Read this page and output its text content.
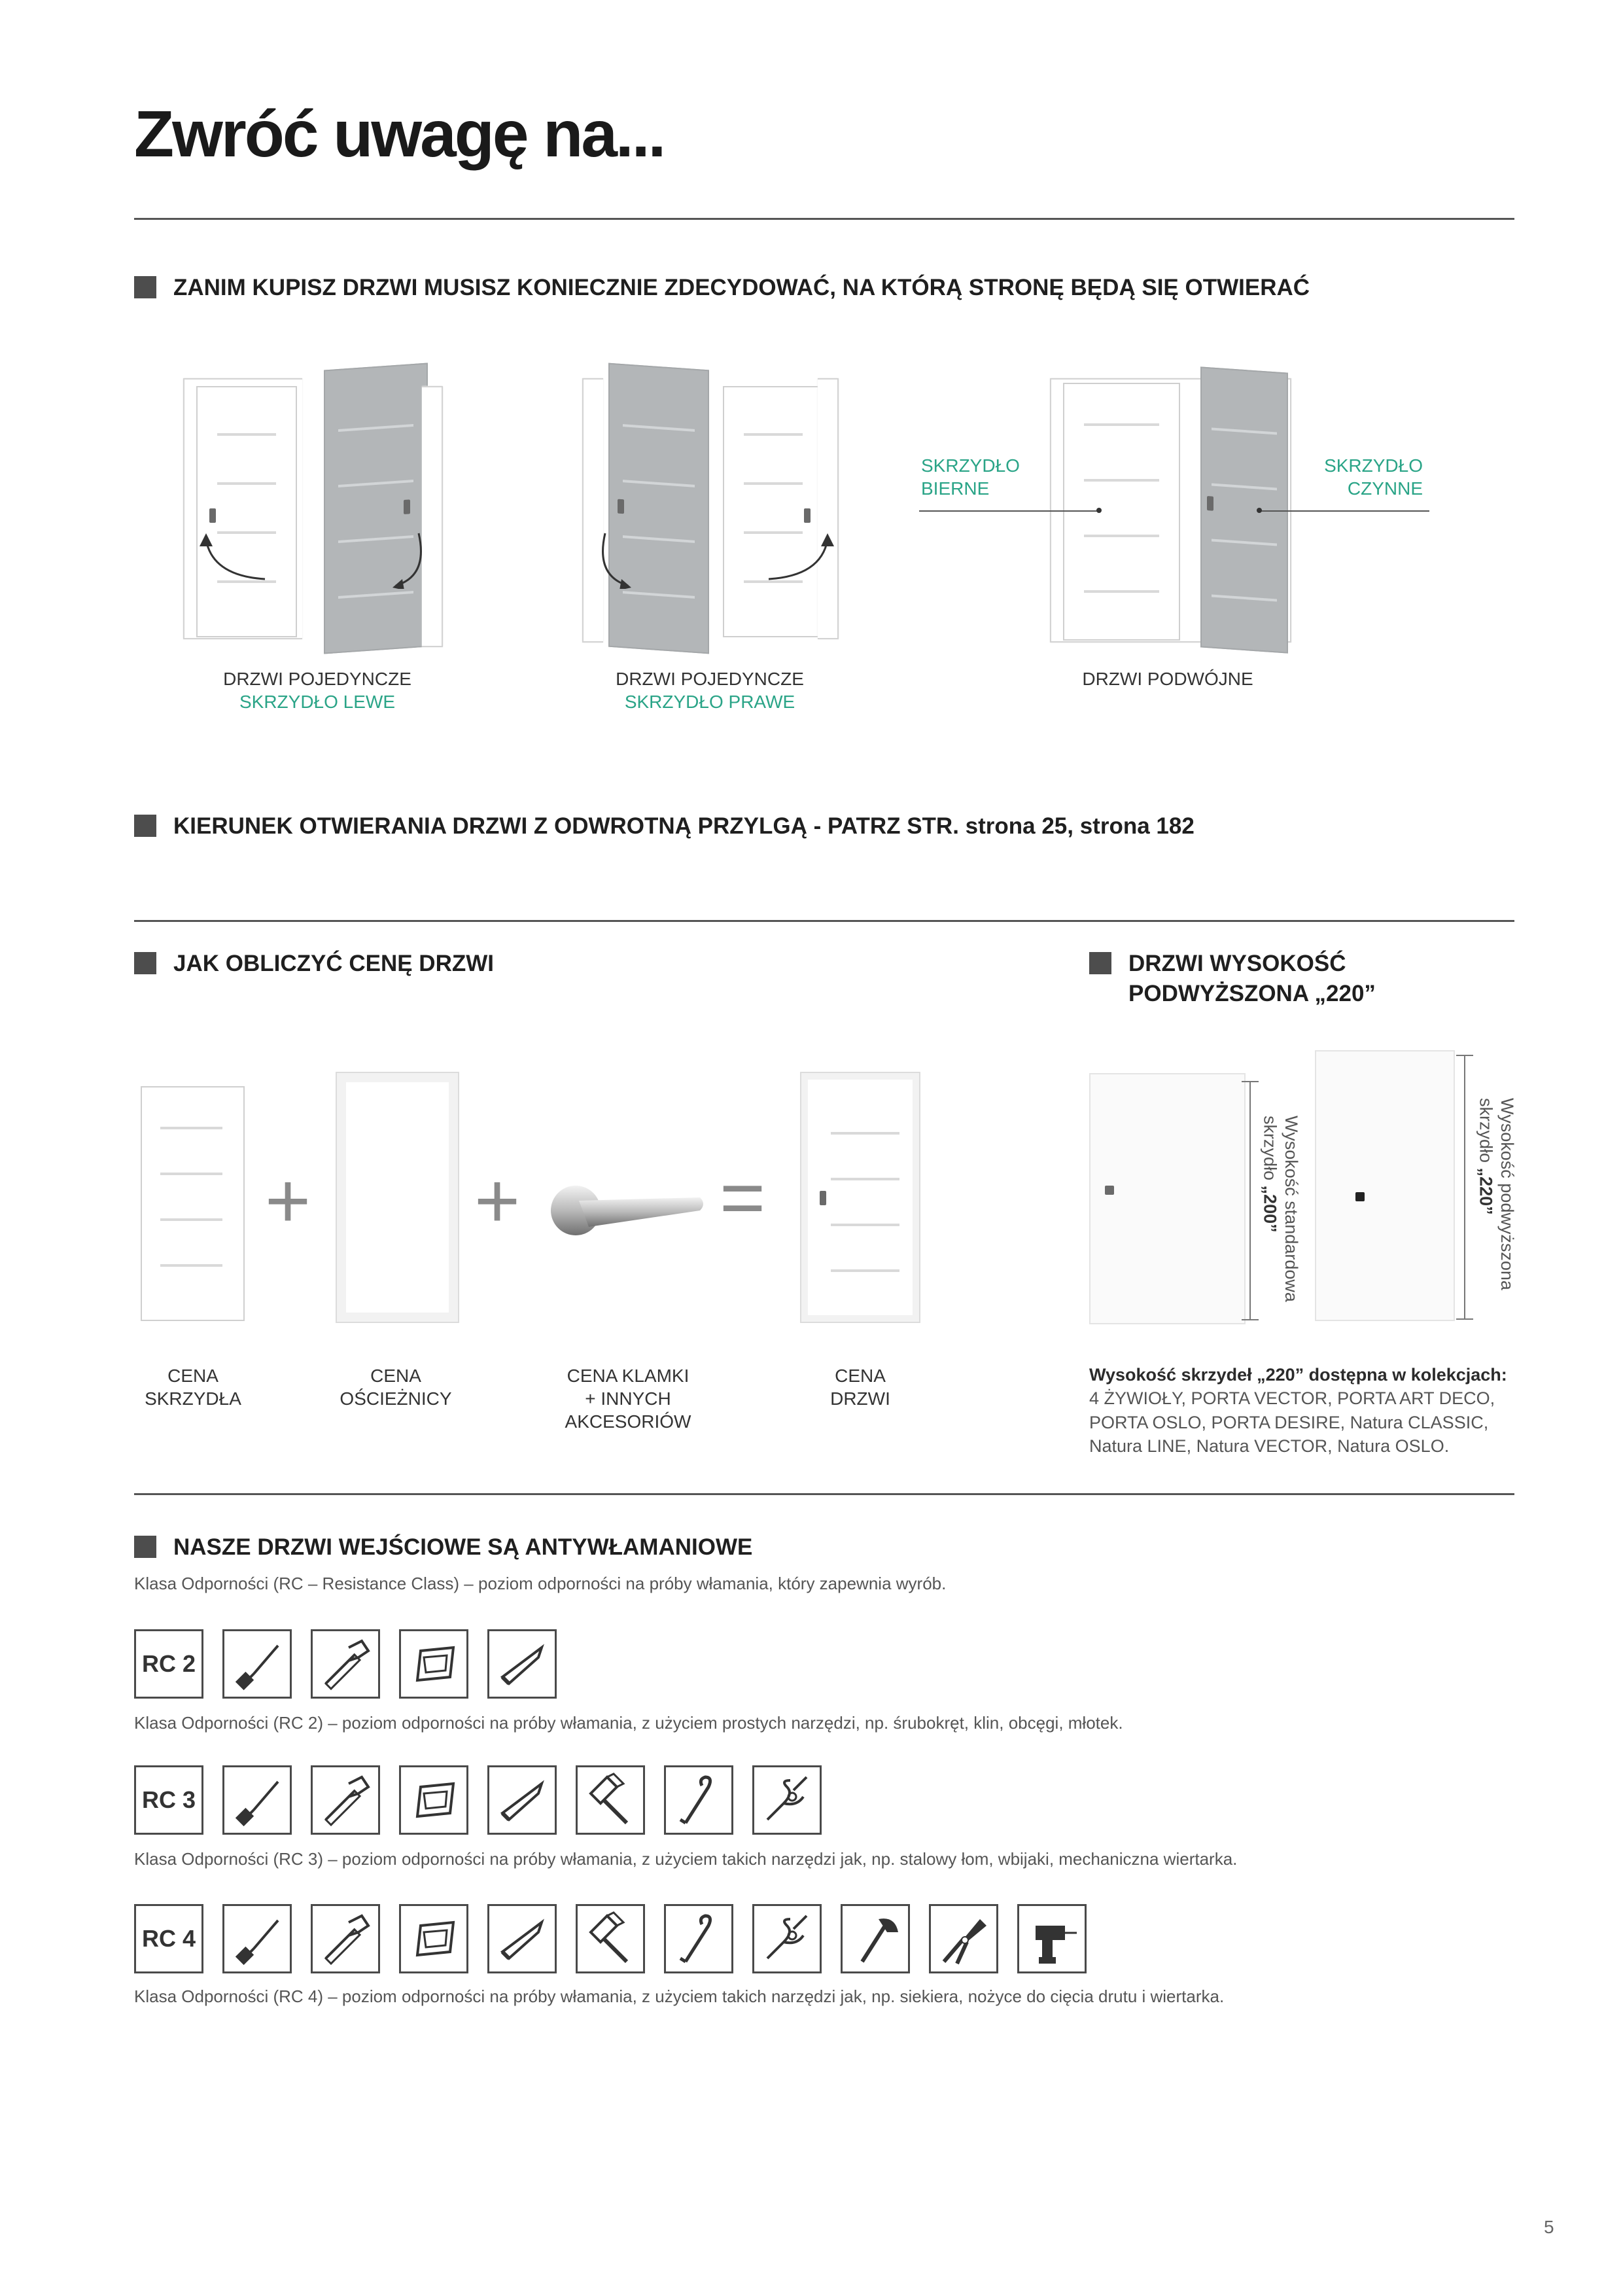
Zwróć uwagę na...
ZANIM KUPISZ DRZWI MUSISZ KONIECZNIE ZDECYDOWAĆ, NA KTÓRĄ STRONĘ BĘDĄ SIĘ OTWIERAĆ
DRZWI POJEDYNCZE
SKRZYDŁO LEWE
DRZWI POJEDYNCZE
SKRZYDŁO PRAWE
SKRZYDŁO
BIERNE
SKRZYDŁO
CZYNNE
DRZWI PODWÓJNE
KIERUNEK OTWIERANIA DRZWI Z ODWROTNĄ PRZYLGĄ - PATRZ STR. strona 25, strona 182
JAK OBLICZYĆ CENĘ DRZWI
+ +	=
CENA
SKRZYDŁA
CENA
OŚCIEŻNICY
CENA KLAMKI
+ INNYCH
AKCESORIÓW
CENA
DRZWI
DRZWI WYSOKOŚĆ
PODWYŻSZONA „220”
Wysokość standardowa
skrzydło „200”	Wysokość podwyższona
skrzydło „220”
Wysokość skrzydeł „220” dostępna w kolekcjach:
4 ŻYWIOŁY, PORTA VECTOR, PORTA ART DECO,
PORTA OSLO, PORTA DESIRE, Natura CLASSIC,
Natura LINE, Natura VECTOR, Natura OSLO.
NASZE DRZWI WEJŚCIOWE SĄ ANTYWŁAMANIOWE
Klasa Odporności (RC – Resistance Class) – poziom odporności na próby włamania, który zapewnia wyrób.
RC 2
Klasa Odporności (RC 2) – poziom odporności na próby włamania, z użyciem prostych narzędzi, np. śrubokręt, klin, obcęgi, młotek.
RC 3
Klasa Odporności (RC 3) – poziom odporności na próby włamania, z użyciem takich narzędzi jak, np. stalowy łom, wbijaki, mechaniczna wiertarka.
RC 4
Klasa Odporności (RC 4) – poziom odporności na próby włamania, z użyciem takich narzędzi jak, np. siekiera, nożyce do cięcia drutu i wiertarka.
5
